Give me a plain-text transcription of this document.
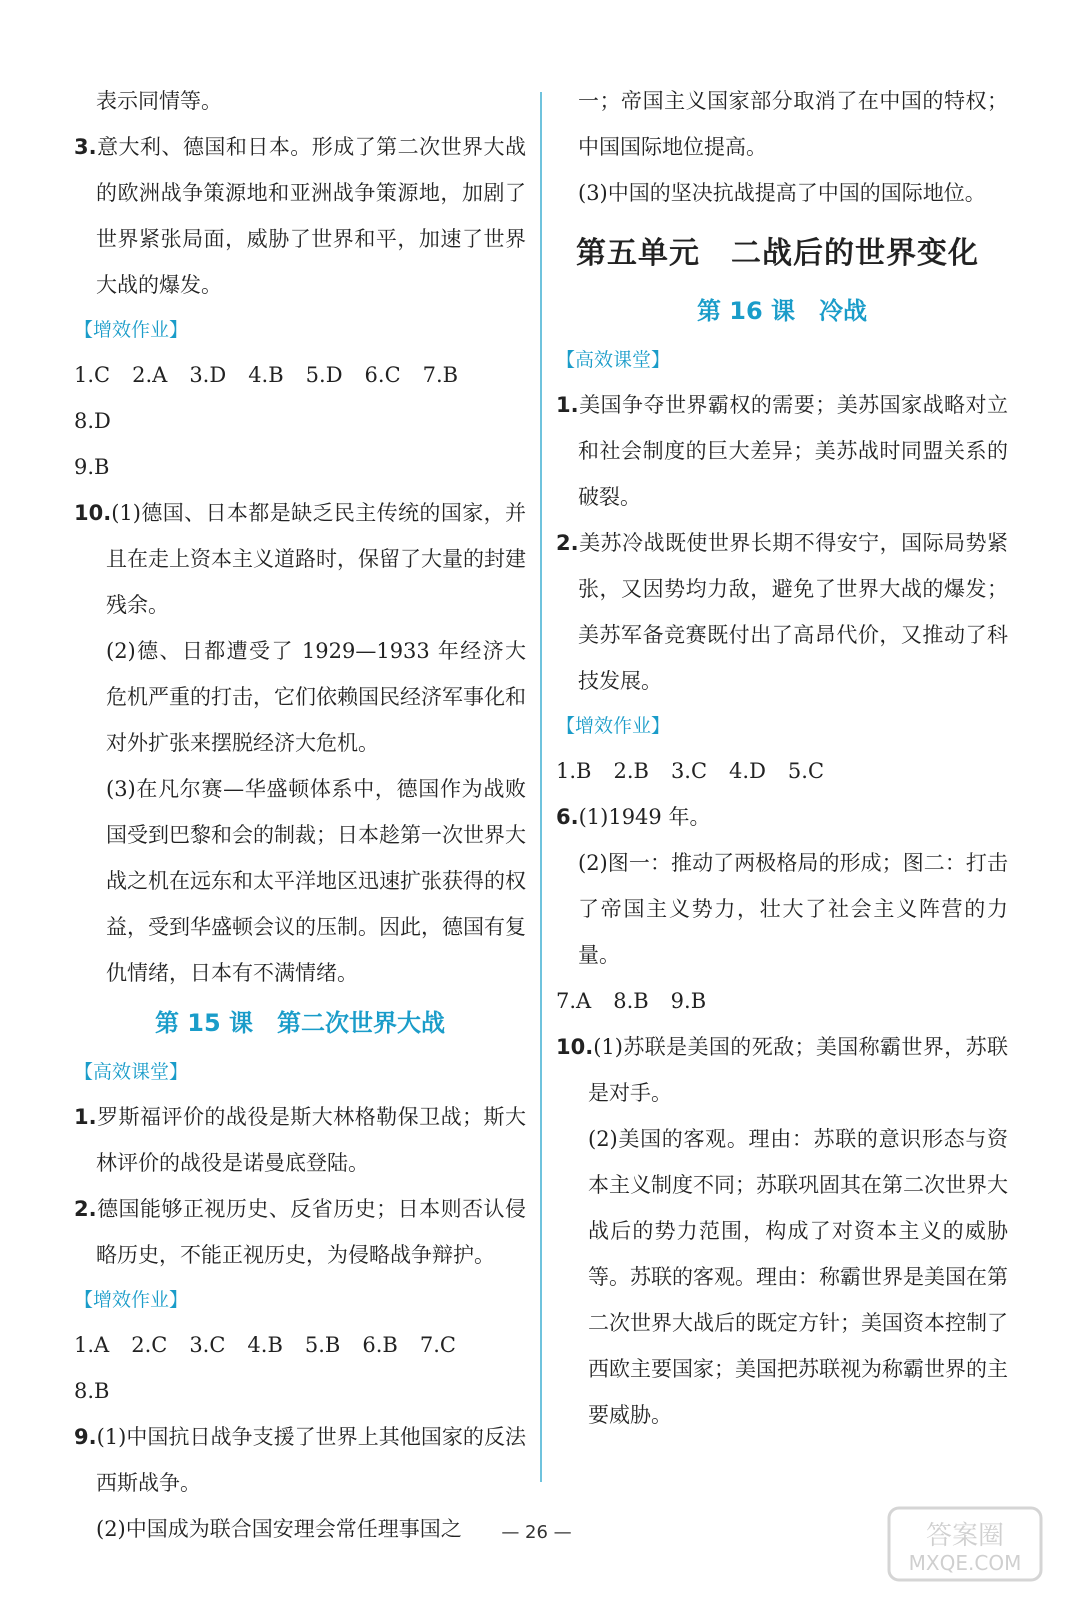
表示同情等。

3.意大利、德国和日本。形成了第二次世界大战的欧洲战争策源地和亚洲战争策源地，加剧了世界紧张局面，威胁了世界和平，加速了世界大战的爆发。

【增效作业】

1.C 2.A 3.D 4.B 5.D 6.C 7.B8.D

9.B

10.(1)德国、日本都是缺乏民主传统的国家，并且在走上资本主义道路时，保留了大量的封建残余。

(2)德、日都遭受了 1929—1933 年经济大危机严重的打击，它们依赖国民经济军事化和对外扩张来摆脱经济大危机。

(3)在凡尔赛—华盛顿体系中，德国作为战败国受到巴黎和会的制裁；日本趁第一次世界大战之机在远东和太平洋地区迅速扩张获得的权益，受到华盛顿会议的压制。因此，德国有复仇情绪，日本有不满情绪。

第 15 课　第二次世界大战

【高效课堂】

1.罗斯福评价的战役是斯大林格勒保卫战；斯大林评价的战役是诺曼底登陆。

2.德国能够正视历史、反省历史；日本则否认侵略历史，不能正视历史，为侵略战争辩护。

【增效作业】

1.A 2.C 3.C 4.B 5.B 6.B 7.C8.B

9.(1)中国抗日战争支援了世界上其他国家的反法西斯战争。

(2)中国成为联合国安理会常任理事国之

一；帝国主义国家部分取消了在中国的特权；中国国际地位提高。

(3)中国的坚决抗战提高了中国的国际地位。

第五单元　二战后的世界变化

第 16 课　冷战

【高效课堂】

1.美国争夺世界霸权的需要；美苏国家战略对立和社会制度的巨大差异；美苏战时同盟关系的破裂。

2.美苏冷战既使世界长期不得安宁，国际局势紧张，又因势均力敌，避免了世界大战的爆发；美苏军备竞赛既付出了高昂代价，又推动了科技发展。

【增效作业】

1.B 2.B 3.C 4.D 5.C

6.(1)1949 年。

(2)图一：推动了两极格局的形成；图二：打击了帝国主义势力，壮大了社会主义阵营的力量。

7.A 8.B 9.B

10.(1)苏联是美国的死敌；美国称霸世界，苏联是对手。

(2)美国的客观。理由：苏联的意识形态与资本主义制度不同；苏联巩固其在第二次世界大战后的势力范围，构成了对资本主义的威胁等。苏联的客观。理由：称霸世界是美国在第二次世界大战后的既定方针；美国资本控制了西欧主要国家；美国把苏联视为称霸世界的主要威胁。

— 26 —	答案圈
MXQE.COM
